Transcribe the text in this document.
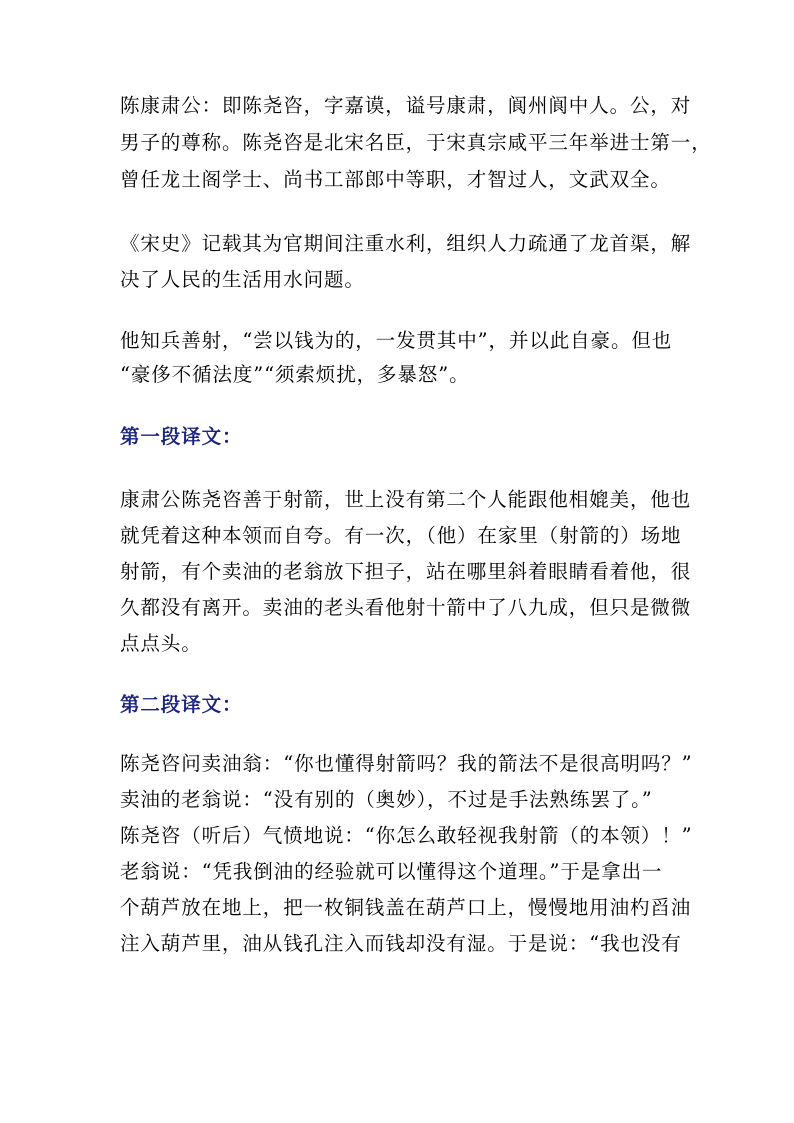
陈康肃公：即陈尧咨，字嘉谟，谥号康肃，阆州阆中人。公，对
男子的尊称。陈尧咨是北宋名臣，于宋真宗咸平三年举进士第一，
曾任龙土阁学士、尚书工部郎中等职，才智过人，文武双全。
《宋史》记载其为官期间注重水利，组织人力疏通了龙首渠，解
决了人民的生活用水问题。
他知兵善射，“尝以钱为的，一发贯其中”，并以此自豪。但也
“豪侈不循法度”“须索烦扰，多暴怒”。
第一段译文：
康肃公陈尧咨善于射箭，世上没有第二个人能跟他相媲美，他也
就凭着这种本领而自夸。有一次，（他）在家里（射箭的）场地
射箭，有个卖油的老翁放下担子，站在哪里斜着眼睛看着他，很
久都没有离开。卖油的老头看他射十箭中了八九成，但只是微微
点点头。
第二段译文：
陈尧咨问卖油翁：“你也懂得射箭吗？我的箭法不是很高明吗？”
卖油的老翁说：“没有别的（奥妙），不过是手法熟练罢了。”
陈尧咨（听后）气愤地说：“你怎么敢轻视我射箭（的本领）！”
老翁说：“凭我倒油的经验就可以懂得这个道理。”于是拿出一
个葫芦放在地上，把一枚铜钱盖在葫芦口上，慢慢地用油杓舀油
注入葫芦里，油从钱孔注入而钱却没有湿。于是说：“我也没有
